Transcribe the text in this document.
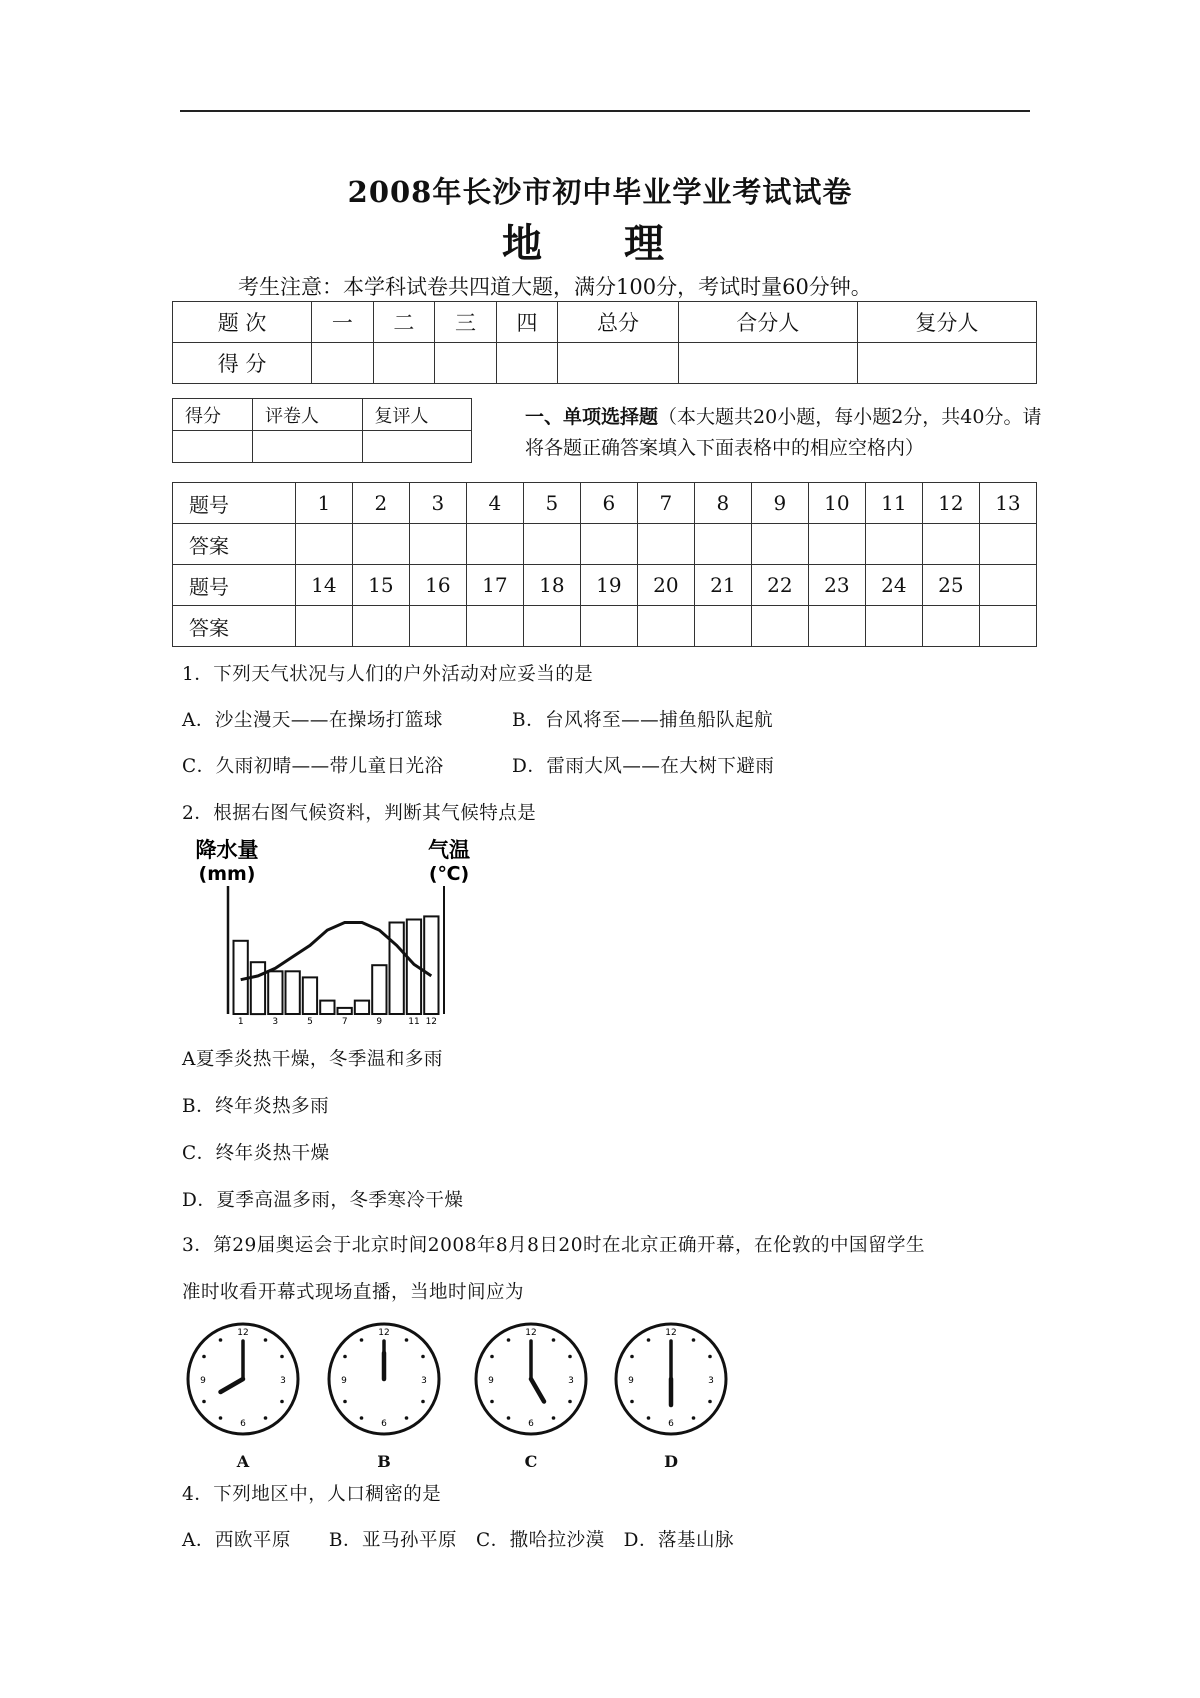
2008年长沙市初中毕业学业考试试卷
地 理
考生注意：本学科试卷共四道大题，满分100分，考试时量60分钟。
题 次	一	二	三	四	总分	合分人	复分人
得 分							
得分	评卷人	复评人
			一、单项选择题（本大题共20小题，每小题2分，共40分。请将各题正确答案填入下面表格中的相应空格内）
题号	1	2	3	4	5	6	7	8	9	10	11	12	13
答案													
题号	14	15	16	17	18	19	20	21	22	23	24	25	
答案													
1．下列天气状况与人们的户外活动对应妥当的是
A．沙尘漫天——在操场打篮球	B．台风将至——捕鱼船队起航
C．久雨初晴——带儿童日光浴	D．雷雨大风——在大树下避雨
2．根据右图气候资料，判断其气候特点是
降水量
(mm)
气温
(℃)
1	3	5	7	9	11 12
A夏季炎热干燥，冬季温和多雨
B．终年炎热多雨
C．终年炎热干燥
D．夏季高温多雨，冬季寒冷干燥
3．第29届奥运会于北京时间2008年8月8日20时在北京正确开幕，在伦敦的中国留学生
准时收看开幕式现场直播，当地时间应为
12
3
6
9
A
12
3
6
9
B
12
3
6
9
C
12
3
6
9
D
4．下列地区中，人口稠密的是
A．西欧平原　　B．亚马孙平原　C．撒哈拉沙漠　D．落基山脉
